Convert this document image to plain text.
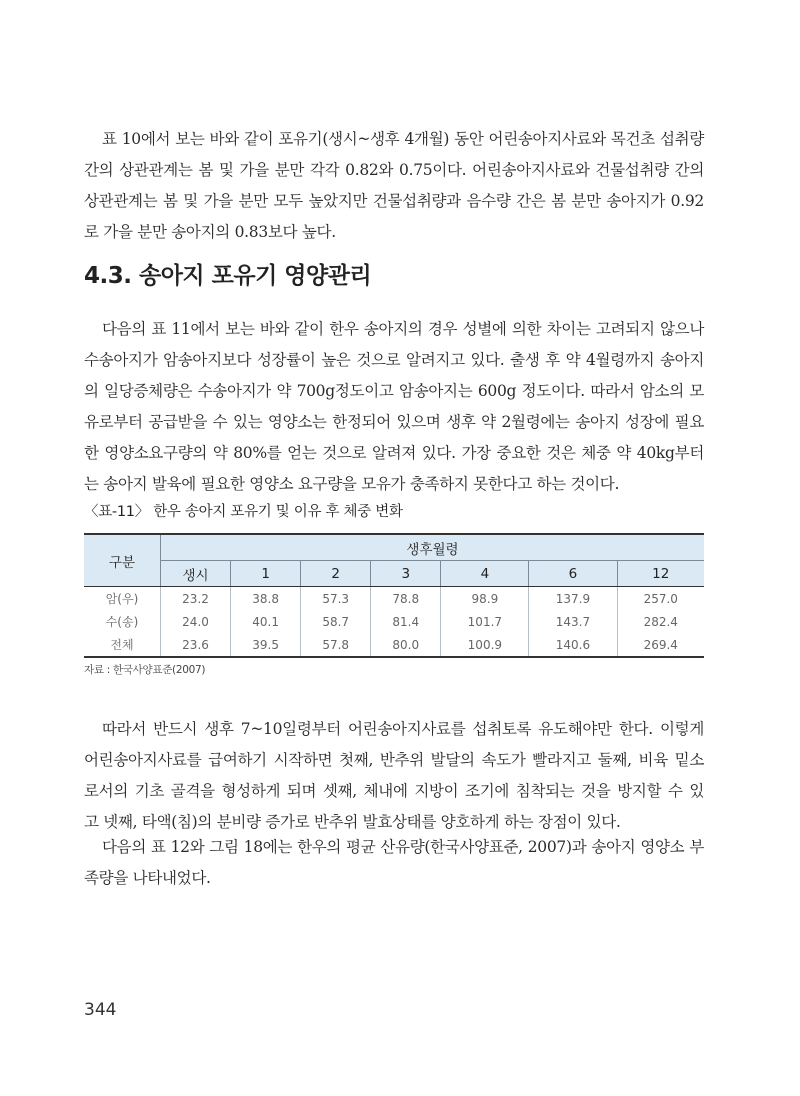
표 10에서 보는 바와 같이 포유기(생시~생후 4개월) 동안 어린송아지사료와 목건초 섭취량
간의 상관관계는 봄 및 가을 분만 각각 0.82와 0.75이다. 어린송아지사료와 건물섭취량 간의
상관관계는 봄 및 가을 분만 모두 높았지만 건물섭취량과 음수량 간은 봄 분만 송아지가 0.92
로 가을 분만 송아지의 0.83보다 높다.
4.3. 송아지 포유기 영양관리
다음의 표 11에서 보는 바와 같이 한우 송아지의 경우 성별에 의한 차이는 고려되지 않으나
수송아지가 암송아지보다 성장률이 높은 것으로 알려지고 있다. 출생 후 약 4월령까지 송아지
의 일당증체량은 수송아지가 약 700g정도이고 암송아지는 600g 정도이다. 따라서 암소의 모
유로부터 공급받을 수 있는 영양소는 한정되어 있으며 생후 약 2월령에는 송아지 성장에 필요
한 영양소요구량의 약 80%를 얻는 것으로 알려져 있다. 가장 중요한 것은 체중 약 40kg부터
는 송아지 발육에 필요한 영양소 요구량을 모유가 충족하지 못한다고 하는 것이다.

〈표-11〉 한우 송아지 포유기 및 이유 후 체중 변화

구분	생후월령						
	생시	1	2	3	4	6	12
암(우)	23.2	38.8	57.3	78.8	98.9	137.9	257.0
수(송)	24.0	40.1	58.7	81.4	101.7	143.7	282.4
전체	23.6	39.5	57.8	80.0	100.9	140.6	269.4

자료 : 한국사양표준(2007)

따라서 반드시 생후 7~10일령부터 어린송아지사료를 섭취토록 유도해야만 한다. 이렇게
어린송아지사료를 급여하기 시작하면 첫째, 반추위 발달의 속도가 빨라지고 둘째, 비육 밑소
로서의 기초 골격을 형성하게 되며 셋째, 체내에 지방이 조기에 침착되는 것을 방지할 수 있
고 넷째, 타액(침)의 분비량 증가로 반추위 발효상태를 양호하게 하는 장점이 있다.
다음의 표 12와 그림 18에는 한우의 평균 산유량(한국사양표준, 2007)과 송아지 영양소 부
족량을 나타내었다.

344
